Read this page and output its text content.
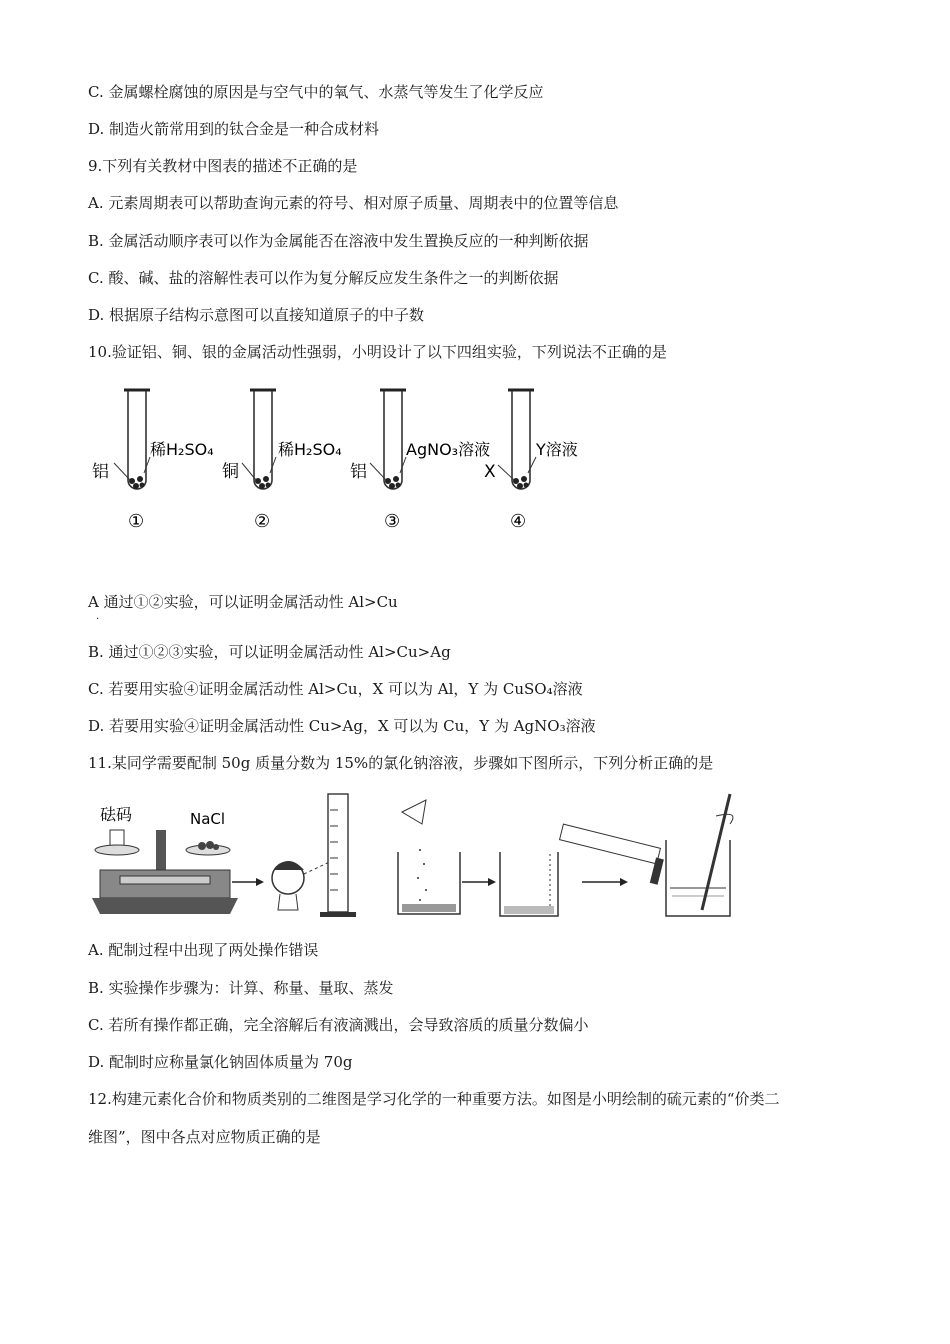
C. 金属螺栓腐蚀的原因是与空气中的氧气、水蒸气等发生了化学反应
D. 制造火箭常用到的钛合金是一种合成材料
9.下列有关教材中图表的描述不正确的是
A. 元素周期表可以帮助查询元素的符号、相对原子质量、周期表中的位置等信息
B. 金属活动顺序表可以作为金属能否在溶液中发生置换反应的一种判断依据
C. 酸、碱、盐的溶解性表可以作为复分解反应发生条件之一的判断依据
D. 根据原子结构示意图可以直接知道原子的中子数
10.验证铝、铜、银的金属活动性强弱，小明设计了以下四组实验，下列说法不正确的是
铝
稀H₂SO₄
①
铜
稀H₂SO₄
②
铝
AgNO₃溶液
③
X
Y溶液
④
A 通过①②实验，可以证明金属活动性 Al>Cu
·
B. 通过①②③实验，可以证明金属活动性 Al>Cu>Ag
C. 若要用实验④证明金属活动性 Al>Cu，X 可以为 Al，Y 为 CuSO₄溶液
D. 若要用实验④证明金属活动性 Cu>Ag，X 可以为 Cu，Y 为 AgNO₃溶液
11.某同学需要配制 50g 质量分数为 15%的氯化钠溶液，步骤如下图所示，下列分析正确的是
砝码	NaCl
A. 配制过程中出现了两处操作错误
B. 实验操作步骤为：计算、称量、量取、蒸发
C. 若所有操作都正确，完全溶解后有液滴溅出，会导致溶质的质量分数偏小
D. 配制时应称量氯化钠固体质量为 70g
12.构建元素化合价和物质类别的二维图是学习化学的一种重要方法。如图是小明绘制的硫元素的“价类二
维图”，图中各点对应物质正确的是
